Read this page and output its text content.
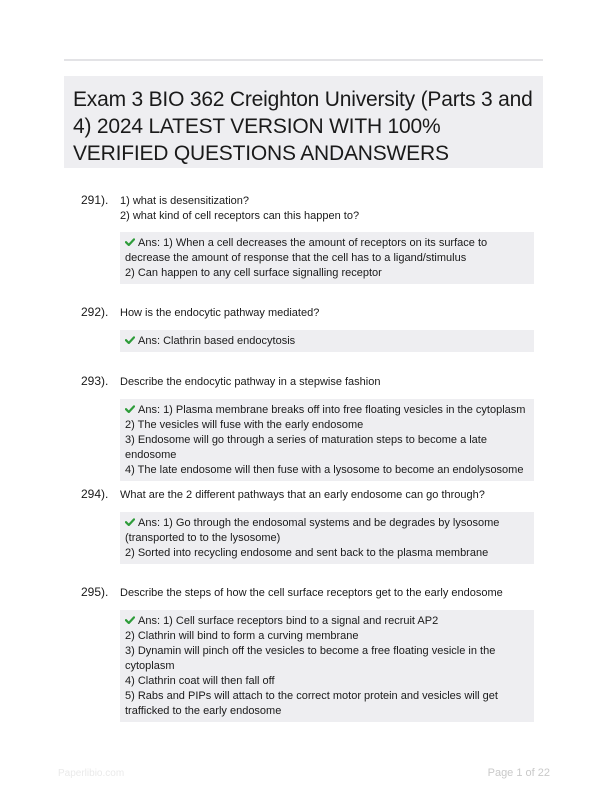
Exam 3 BIO 362 Creighton University (Parts 3 and 4) 2024 LATEST VERSION WITH 100% VERIFIED QUESTIONS ANDANSWERS
291). 1) what is desensitization?
2) what kind of cell receptors can this happen to?
Ans: 1) When a cell decreases the amount of receptors on its surface to decrease the amount of response that the cell has to a ligand/stimulus
2) Can happen to any cell surface signalling receptor
292). How is the endocytic pathway mediated?
Ans: Clathrin based endocytosis
293). Describe the endocytic pathway in a stepwise fashion
Ans: 1) Plasma membrane breaks off into free floating vesicles in the cytoplasm
2) The vesicles will fuse with the early endosome
3) Endosome will go through a series of maturation steps to become a late endosome
4) The late endosome will then fuse with a lysosome to become an endolysosome
294). What are the 2 different pathways that an early endosome can go through?
Ans: 1) Go through the endosomal systems and be degrades by lysosome (transported to to the lysosome)
2) Sorted into recycling endosome and sent back to the plasma membrane
295). Describe the steps of how the cell surface receptors get to the early endosome
Ans: 1) Cell surface receptors bind to a signal and recruit AP2
2) Clathrin will bind to form a curving membrane
3) Dynamin will pinch off the vesicles to become a free floating vesicle in the cytoplasm
4) Clathrin coat will then fall off
5) Rabs and PIPs will attach to the correct motor protein and vesicles will get trafficked to the early endosome
Paperlibio.com	Page 1 of 22
